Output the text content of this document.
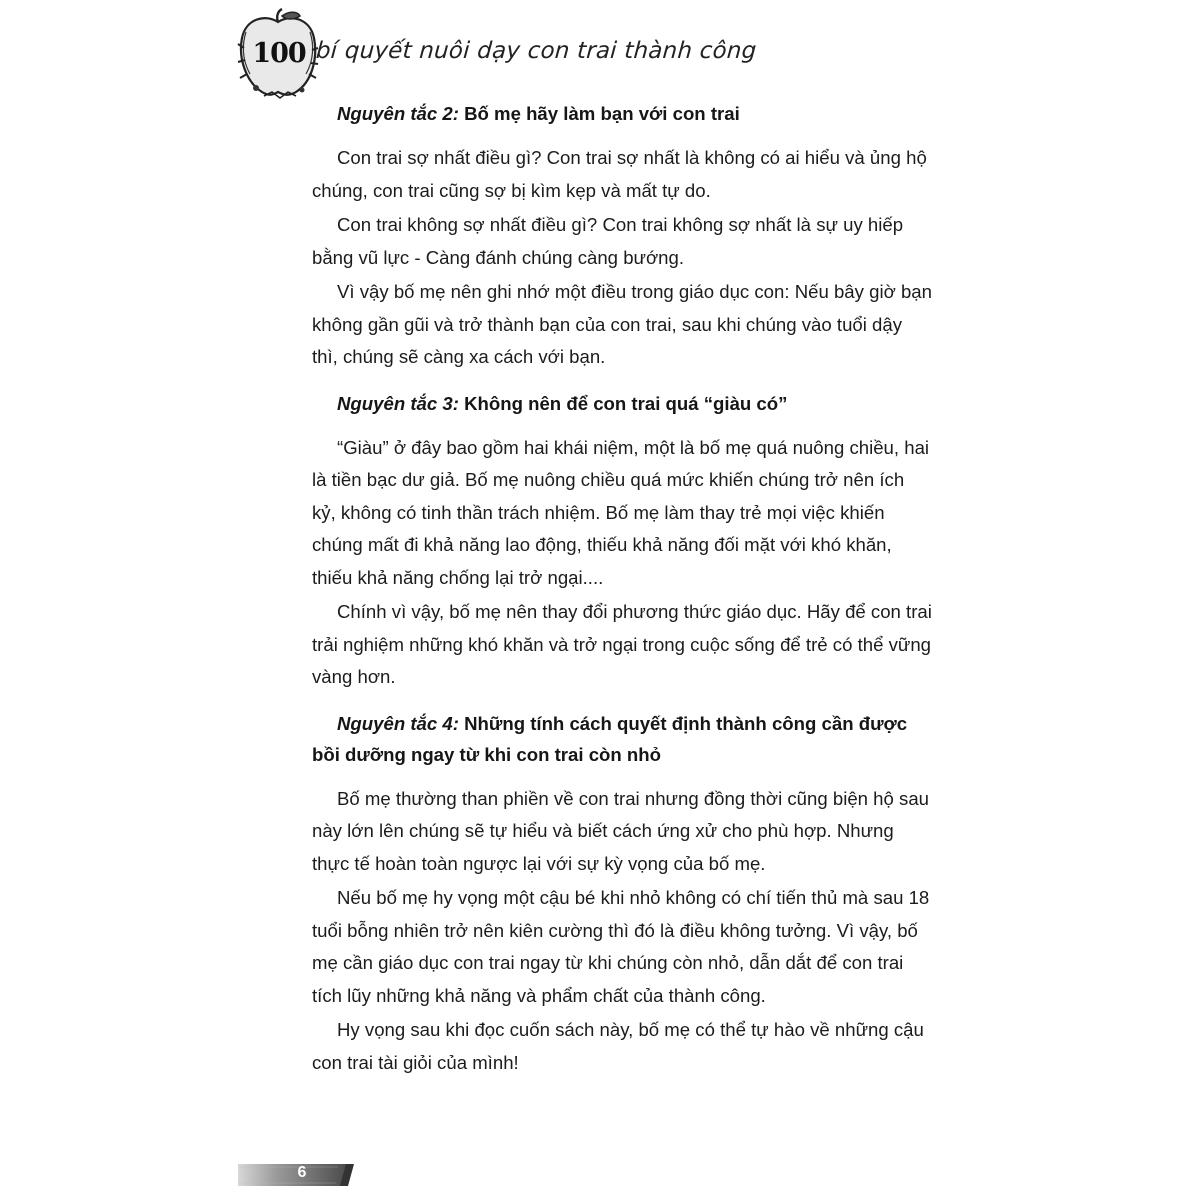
100 bí quyết nuôi dạy con trai thành công
Nguyên tắc 2: Bố mẹ hãy làm bạn với con trai

Con trai sợ nhất điều gì? Con trai sợ nhất là không có ai hiểu và ủng hộ chúng, con trai cũng sợ bị kìm kẹp và mất tự do.

Con trai không sợ nhất điều gì? Con trai không sợ nhất là sự uy hiếp bằng vũ lực - Càng đánh chúng càng bướng.

Vì vậy bố mẹ nên ghi nhớ một điều trong giáo dục con: Nếu bây giờ bạn không gần gũi và trở thành bạn của con trai, sau khi chúng vào tuổi dậy thì, chúng sẽ càng xa cách với bạn.

Nguyên tắc 3: Không nên để con trai quá “giàu có”

“Giàu” ở đây bao gồm hai khái niệm, một là bố mẹ quá nuông chiều, hai là tiền bạc dư giả. Bố mẹ nuông chiều quá mức khiến chúng trở nên ích kỷ, không có tinh thần trách nhiệm. Bố mẹ làm thay trẻ mọi việc khiến chúng mất đi khả năng lao động, thiếu khả năng đối mặt với khó khăn, thiếu khả năng chống lại trở ngại....

Chính vì vậy, bố mẹ nên thay đổi phương thức giáo dục. Hãy để con trai trải nghiệm những khó khăn và trở ngại trong cuộc sống để trẻ có thể vững vàng hơn.

Nguyên tắc 4: Những tính cách quyết định thành công cần được bồi dưỡng ngay từ khi con trai còn nhỏ

Bố mẹ thường than phiền về con trai nhưng đồng thời cũng biện hộ sau này lớn lên chúng sẽ tự hiểu và biết cách ứng xử cho phù hợp. Nhưng thực tế hoàn toàn ngược lại với sự kỳ vọng của bố mẹ.

Nếu bố mẹ hy vọng một cậu bé khi nhỏ không có chí tiến thủ mà sau 18 tuổi bỗng nhiên trở nên kiên cường thì đó là điều không tưởng. Vì vậy, bố mẹ cần giáo dục con trai ngay từ khi chúng còn nhỏ, dẫn dắt để con trai tích lũy những khả năng và phẩm chất của thành công.

Hy vọng sau khi đọc cuốn sách này, bố mẹ có thể tự hào về những cậu con trai tài giỏi của mình!

6
